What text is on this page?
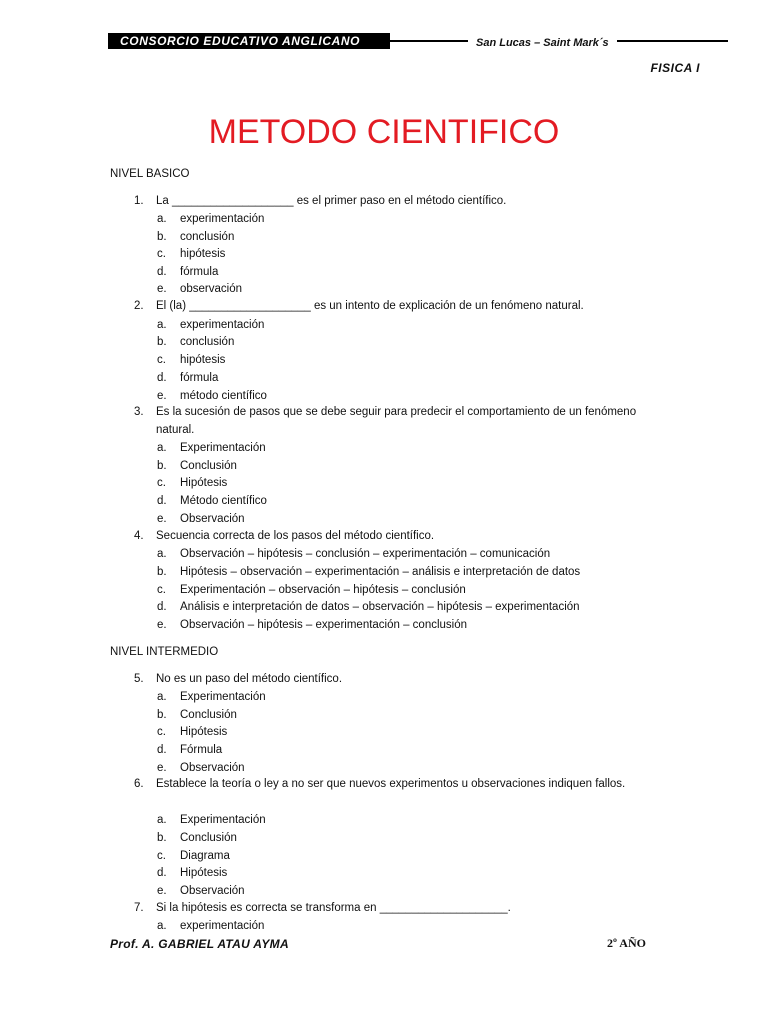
CONSORCIO EDUCATIVO ANGLICANO	San Lucas – Saint Mark´s
FISICA I
METODO CIENTIFICO
NIVEL BASICO
1.	La ___________________ es el primer paso en el método científico.
a. experimentación
b. conclusión
c. hipótesis
d. fórmula
e. observación
2.	El (la) ___________________ es un intento de explicación de un fenómeno natural.
a. experimentación
b. conclusión
c. hipótesis
d. fórmula
e. método científico
3.	Es la sucesión de pasos que se debe seguir para predecir el comportamiento de un fenómeno natural.
a. Experimentación
b. Conclusión
c. Hipótesis
d. Método científico
e. Observación
4.	Secuencia correcta de los pasos del método científico.
a. Observación – hipótesis – conclusión – experimentación – comunicación
b. Hipótesis – observación – experimentación – análisis e interpretación de datos
c. Experimentación – observación – hipótesis – conclusión
d. Análisis e interpretación de datos – observación – hipótesis – experimentación
e. Observación – hipótesis – experimentación – conclusión
NIVEL INTERMEDIO
5.	No es un paso del método científico.
a. Experimentación
b. Conclusión
c. Hipótesis
d. Fórmula
e. Observación
6.	Establece la teoría o ley a no ser que nuevos experimentos u observaciones indiquen fallos.
a. Experimentación
b. Conclusión
c. Diagrama
d. Hipótesis
e. Observación
7.	Si la hipótesis es correcta se transforma en ____________________.
a. experimentación
Prof. A. GABRIEL ATAU AYMA	2º AÑO
